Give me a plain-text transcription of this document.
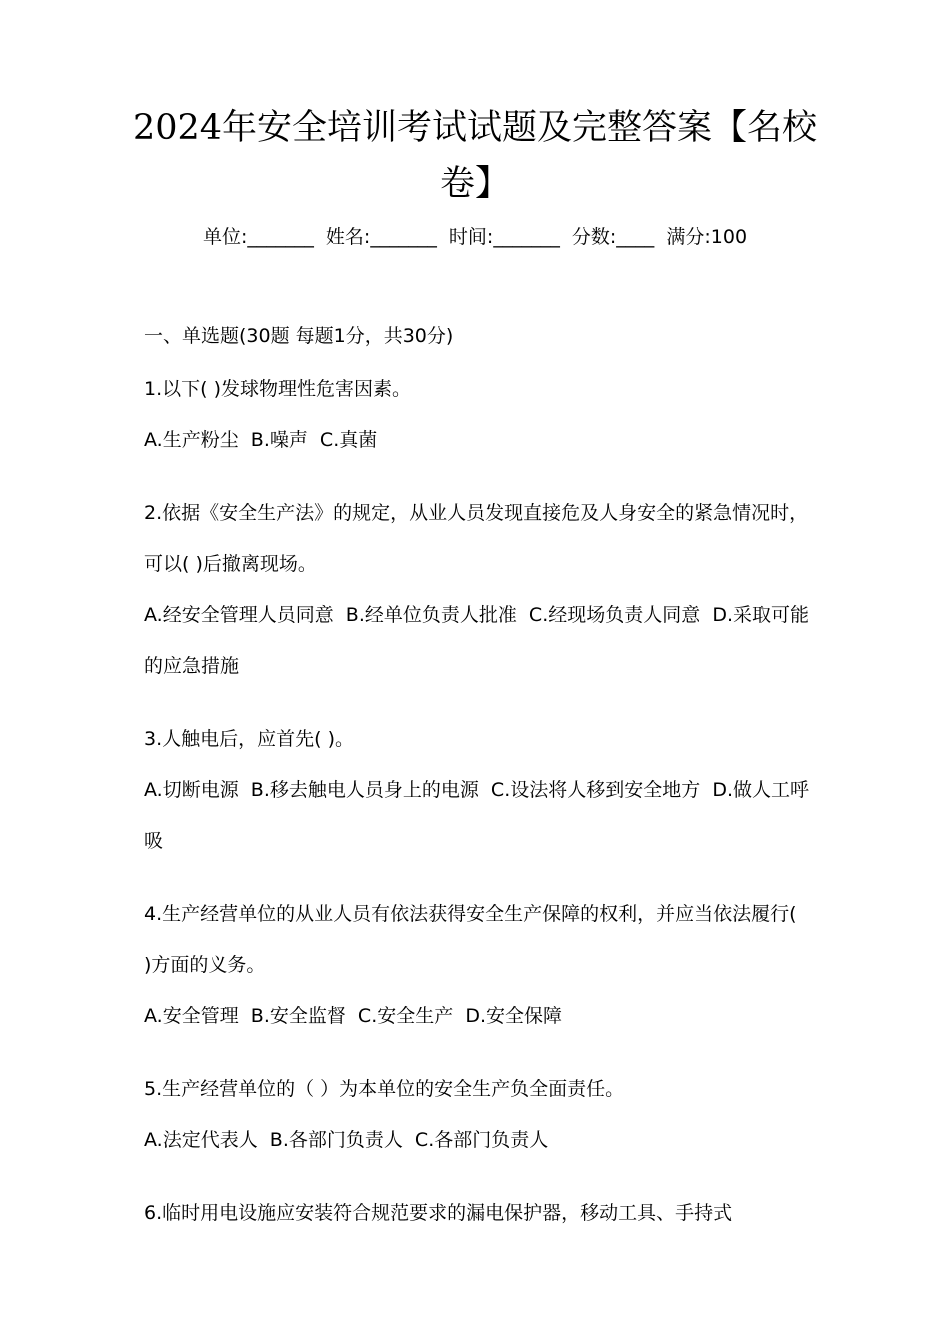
2024年安全培训考试试题及完整答案【名校卷】
单位:_______  姓名:_______  时间:_______  分数:____  满分:100
一、单选题(30题 每题1分，共30分)

1.以下( )发球物理性危害因素。

A.生产粉尘  B.噪声  C.真菌

2.依据《安全生产法》的规定，从业人员发现直接危及人身安全的紧急情况时，可以( )后撤离现场。

A.经安全管理人员同意  B.经单位负责人批准  C.经现场负责人同意  D.采取可能的应急措施

3.人触电后，应首先( )。

A.切断电源  B.移去触电人员身上的电源  C.设法将人移到安全地方  D.做人工呼吸

4.生产经营单位的从业人员有依法获得安全生产保障的权利，并应当依法履行( )方面的义务。

A.安全管理  B.安全监督  C.安全生产  D.安全保障

5.生产经营单位的（ ）为本单位的安全生产负全面责任。

A.法定代表人  B.各部门负责人  C.各部门负责人

6.临时用电设施应安装符合规范要求的漏电保护器，移动工具、手持式
